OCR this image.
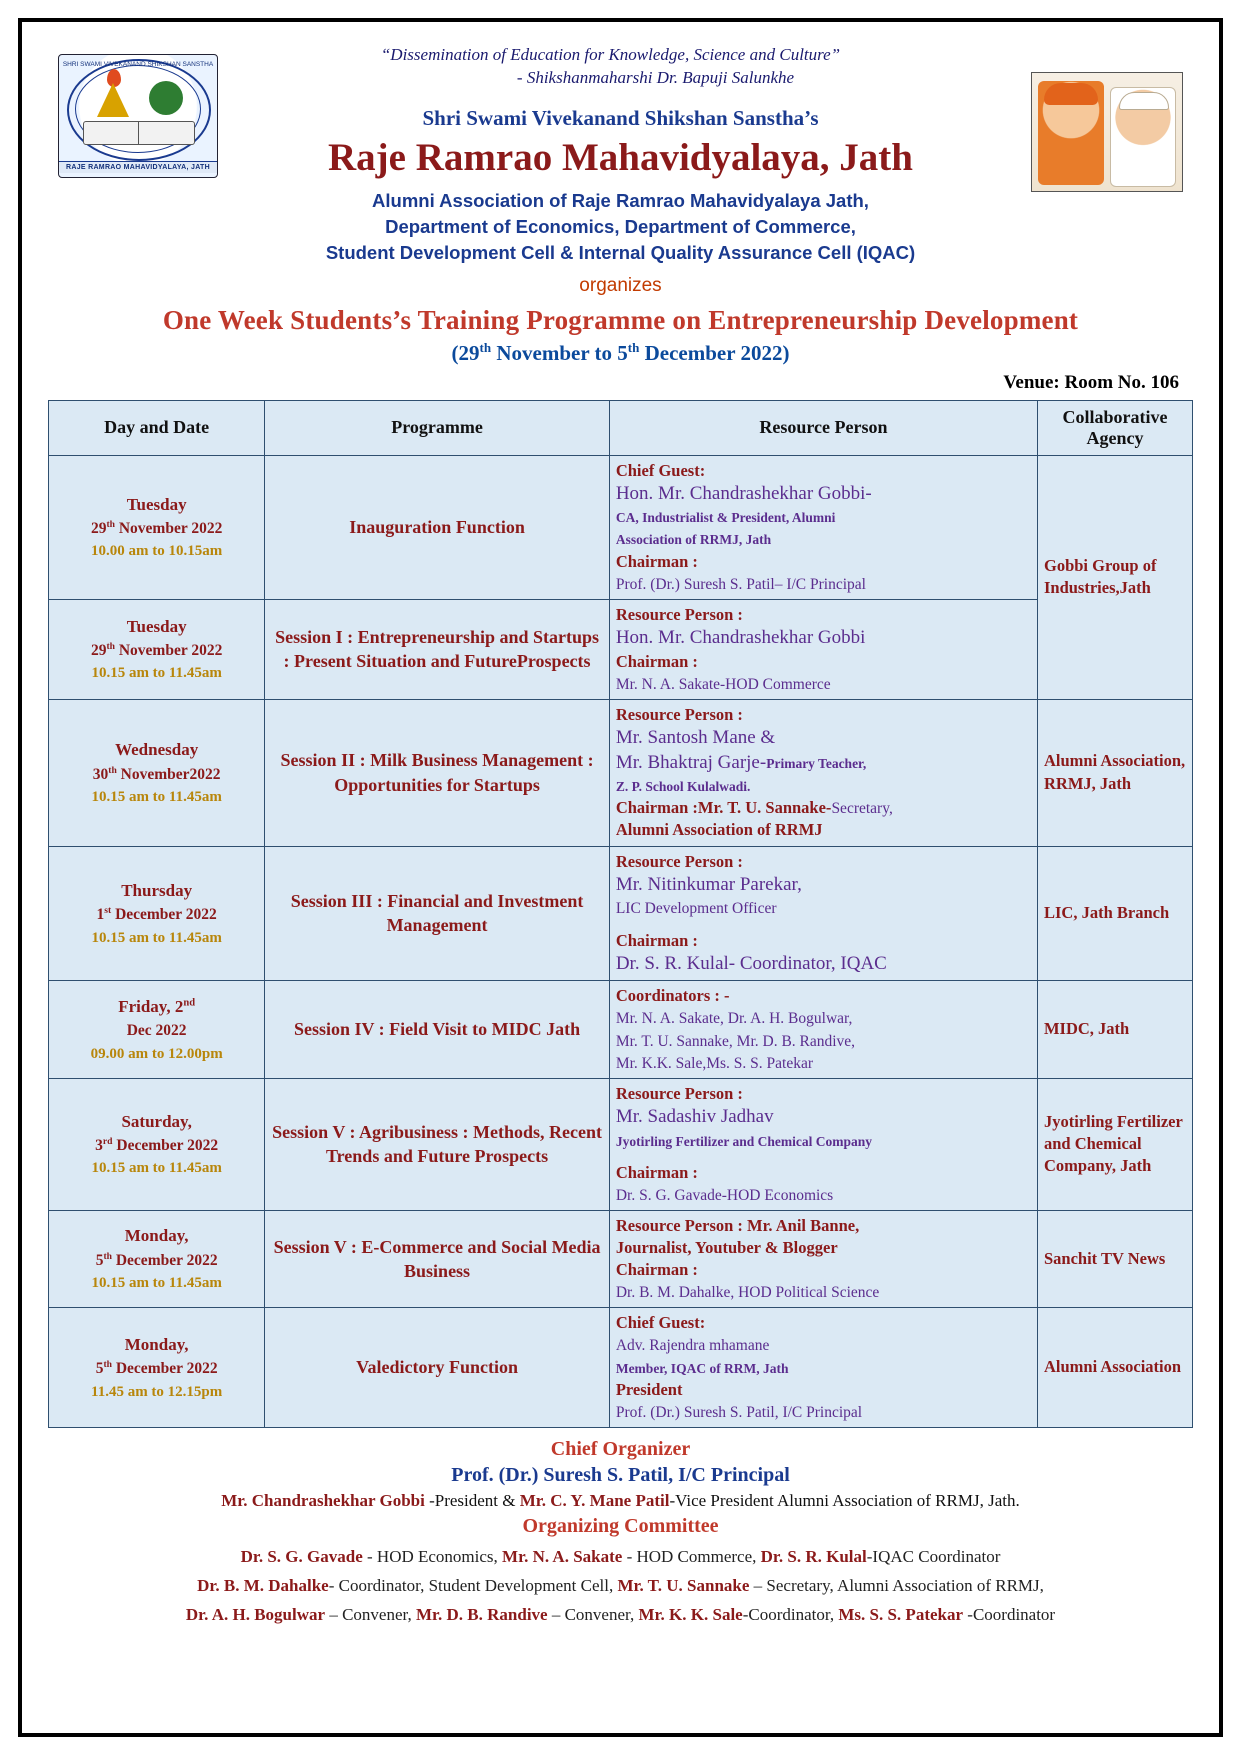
SHRI SWAMI VIVEKANAND SHIKSHAN SANSTHA
RAJE RAMRAO MAHAVIDYALAYA, JATH
“Dissemination of Education for Knowledge, Science and Culture”
- Shikshanmaharshi Dr. Bapuji Salunkhe
Shri Swami Vivekanand Shikshan Sanstha’s
Raje Ramrao Mahavidyalaya, Jath
Alumni Association of Raje Ramrao Mahavidyalaya Jath,
Department of Economics, Department of Commerce,
Student Development Cell & Internal Quality Assurance Cell (IQAC)
organizes
One Week Students’s Training Programme on Entrepreneurship Development
(29th November to 5th December 2022)
Venue: Room No. 106
Day and Date	Programme	Resource Person	Collaborative Agency

Tuesday
29th November 2022
10.00 am to 10.15am
	Inauguration Function	
Chief Guest:
Hon. Mr. Chandrashekhar Gobbi-
CA, Industrialist & President, Alumni
Association of RRMJ, Jath
Chairman :
Prof. (Dr.) Suresh S. Patil– I/C Principal
	Gobbi Group of Industries,Jath

Tuesday
29th November 2022
10.15 am to 11.45am
	Session I : Entrepreneurship and Startups : Present Situation and FutureProspects	
Resource Person :
Hon. Mr. Chandrashekhar Gobbi
Chairman :
Mr. N. A. Sakate-HOD Commerce

Wednesday
30th November2022
10.15 am to 11.45am
	Session II : Milk Business Management : Opportunities for Startups	
Resource Person :
Mr. Santosh Mane &
Mr. Bhaktraj Garje-Primary Teacher,
Z. P. School Kulalwadi.
Chairman :Mr. T. U. Sannake-Secretary,
Alumni Association of RRMJ
	Alumni Association, RRMJ, Jath

Thursday
1st December 2022
10.15 am to 11.45am
	Session III : Financial and Investment Management	
Resource Person :
Mr. Nitinkumar Parekar,
LIC Development Officer
Chairman :
Dr. S. R. Kulal- Coordinator, IQAC
	LIC, Jath Branch

Friday, 2nd
Dec 2022
09.00 am to 12.00pm
	Session IV : Field Visit to MIDC Jath	
Coordinators : -
Mr. N. A. Sakate, Dr. A. H. Bogulwar,
Mr. T. U. Sannake, Mr. D. B. Randive,
Mr. K.K. Sale,Ms. S. S. Patekar
	MIDC, Jath

Saturday,
3rd December 2022
10.15 am to 11.45am
	Session V : Agribusiness : Methods, Recent Trends and Future Prospects	
Resource Person :
Mr. Sadashiv Jadhav
Jyotirling Fertilizer and Chemical Company
Chairman :
Dr. S. G. Gavade-HOD Economics
	Jyotirling Fertilizer and Chemical Company, Jath

Monday,
5th December 2022
10.15 am to 11.45am
	Session V : E-Commerce and Social Media Business	
Resource Person : Mr. Anil Banne,
Journalist, Youtuber & Blogger
Chairman :
Dr. B. M. Dahalke, HOD Political Science
	Sanchit TV News

Monday,
5th December 2022
11.45 am to 12.15pm
	Valedictory Function	
Chief Guest:
Adv. Rajendra mhamane
Member, IQAC of RRM, Jath
President
Prof. (Dr.) Suresh S. Patil, I/C Principal
	Alumni Association
Chief Organizer
Prof. (Dr.) Suresh S. Patil, I/C Principal
Mr. Chandrashekhar Gobbi -President & Mr. C. Y. Mane Patil-Vice President Alumni Association of RRMJ, Jath.
Organizing Committee
Dr. S. G. Gavade - HOD Economics, Mr. N. A. Sakate - HOD Commerce, Dr. S. R. Kulal-IQAC Coordinator
Dr. B. M. Dahalke- Coordinator, Student Development Cell, Mr. T. U. Sannake – Secretary, Alumni Association of RRMJ,
Dr. A. H. Bogulwar – Convener, Mr. D. B. Randive – Convener, Mr. K. K. Sale-Coordinator, Ms. S. S. Patekar -Coordinator
